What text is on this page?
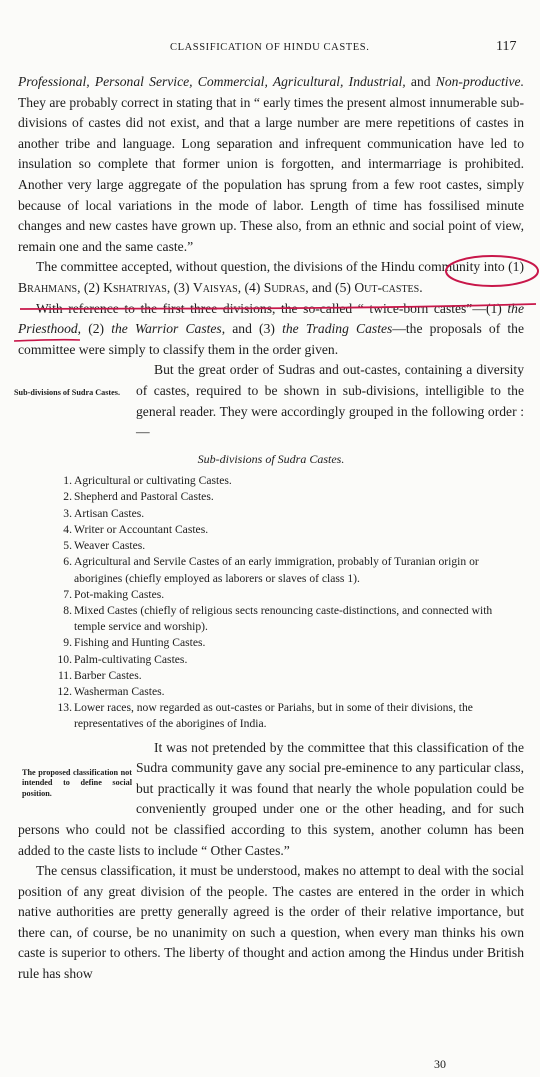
CLASSIFICATION OF HINDU CASTES.	117

Professional, Personal Service, Commercial, Agricultural, Industrial, and Non-productive. They are probably correct in stating that in “ early times the present almost innumerable sub-divisions of castes did not exist, and that a large number are mere repetitions of castes in another tribe and language. Long separation and infrequent communication have led to insulation so complete that former union is forgotten, and intermarriage is prohibited. Another very large aggregate of the population has sprung from a few root castes, simply because of local variations in the mode of labor. Length of time has fossilised minute changes and new castes have grown up. These also, from an ethnic and social point of view, remain one and the same caste.”

The committee accepted, without question, the divisions of the Hindu community into (1) Brahmans, (2) Kshatriyas, (3) Vaisyas, (4) Sudras, and (5) Out-castes.

With reference to the first three divisions, the so-called “ twice-born castes”—(1) the Priesthood, (2) the Warrior Castes, and (3) the Trading Castes—the proposals of the committee were simply to classify them in the order given.

Sub-divisions of Sudra Castes.

But the great order of Sudras and out-castes, containing a diversity of castes, required to be shown in sub-divisions, intelligible to the general reader. They were accordingly grouped in the following order :—

Sub-divisions of Sudra Castes.
1. Agricultural or cultivating Castes.
2. Shepherd and Pastoral Castes.
3. Artisan Castes.
4. Writer or Accountant Castes.
5. Weaver Castes.
6. Agricultural and Servile Castes of an early immigration, probably of Turanian origin or aborigines (chiefly employed as laborers or slaves of class 1).
7. Pot-making Castes.
8. Mixed Castes (chiefly of religious sects renouncing caste-distinctions, and connected with temple service and worship).
9. Fishing and Hunting Castes.
10. Palm-cultivating Castes.
11. Barber Castes.
12. Washerman Castes.
13. Lower races, now regarded as out-castes or Pariahs, but in some of their divisions, the representatives of the aborigines of India.
The proposed classification not intended to define social position.

It was not pretended by the committee that this classification of the Sudra community gave any social pre-eminence to any particular class, but practically it was found that nearly the whole population could be conveniently grouped under one or the other heading, and for such persons who could not be classified according to this system, another column has been added to the caste lists to include “ Other Castes.”

The census classification, it must be understood, makes no attempt to deal with the social position of any great division of the people. The castes are entered in the order in which native authorities are pretty generally agreed is the order of their relative importance, but there can, of course, be no unanimity on such a question, when every man thinks his own caste is superior to others. The liberty of thought and action among the Hindus under British rule has show

30
